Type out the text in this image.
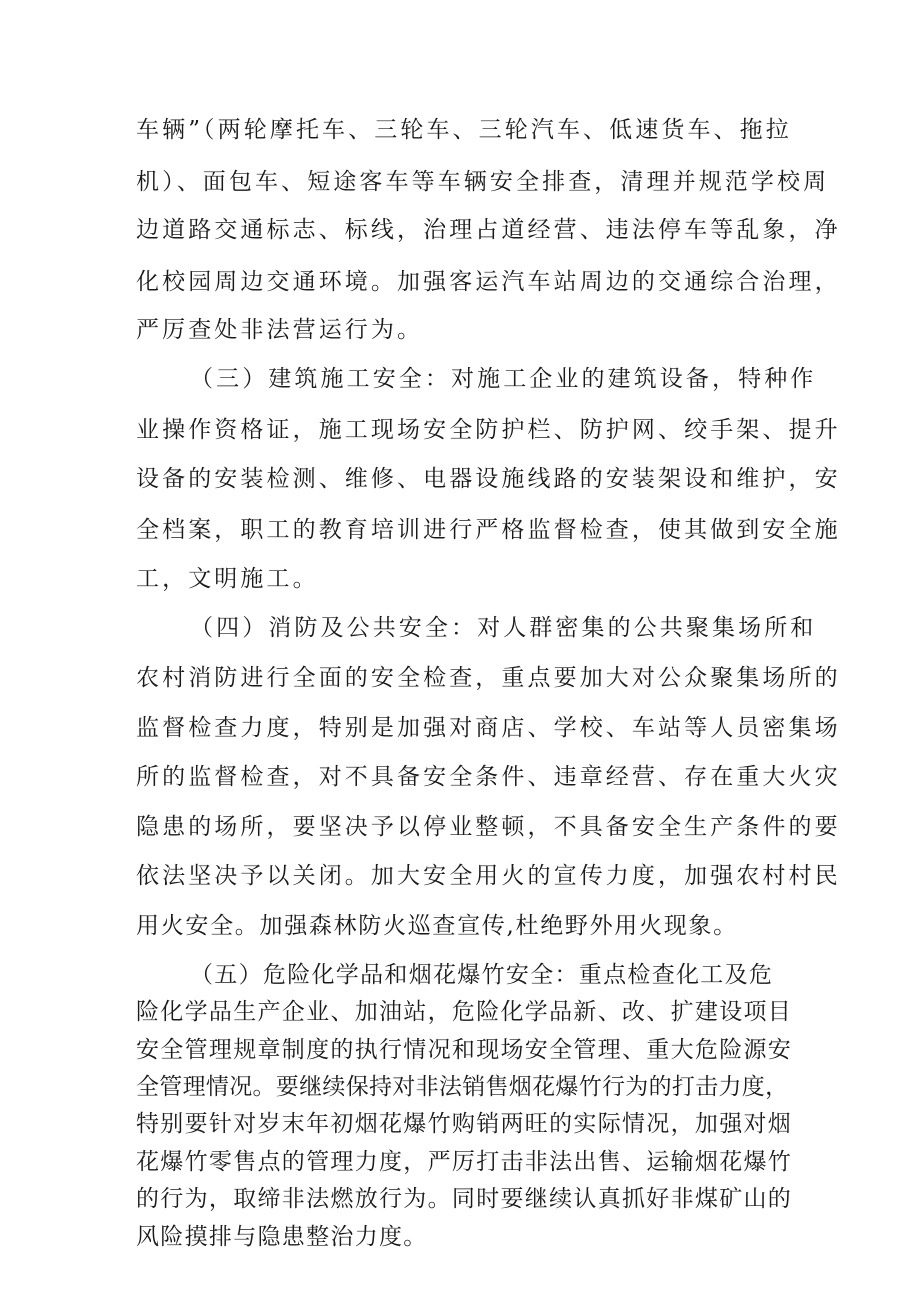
车辆”（两轮摩托车、三轮车、三轮汽车、低速货车、拖拉

机）、面包车、短途客车等车辆安全排查，清理并规范学校周

边道路交通标志、标线，治理占道经营、违法停车等乱象，净

化校园周边交通环境。加强客运汽车站周边的交通综合治理，

严厉查处非法营运行为。

（三）建筑施工安全：对施工企业的建筑设备，特种作

业操作资格证，施工现场安全防护栏、防护网、绞手架、提升

设备的安装检测、维修、电器设施线路的安装架设和维护，安

全档案，职工的教育培训进行严格监督检查，使其做到安全施

工，文明施工。

（四）消防及公共安全：对人群密集的公共聚集场所和

农村消防进行全面的安全检查，重点要加大对公众聚集场所的

监督检查力度，特别是加强对商店、学校、车站等人员密集场

所的监督检查，对不具备安全条件、违章经营、存在重大火灾

隐患的场所，要坚决予以停业整顿，不具备安全生产条件的要

依法坚决予以关闭。加大安全用火的宣传力度，加强农村村民

用火安全。加强森林防火巡查宣传,杜绝野外用火现象。

（五）危险化学品和烟花爆竹安全：重点检查化工及危

险化学品生产企业、加油站，危险化学品新、改、扩建设项目

安全管理规章制度的执行情况和现场安全管理、重大危险源安

全管理情况。要继续保持对非法销售烟花爆竹行为的打击力度，

特别要针对岁末年初烟花爆竹购销两旺的实际情况，加强对烟

花爆竹零售点的管理力度，严厉打击非法出售、运输烟花爆竹

的行为，取缔非法燃放行为。同时要继续认真抓好非煤矿山的

风险摸排与隐患整治力度。
